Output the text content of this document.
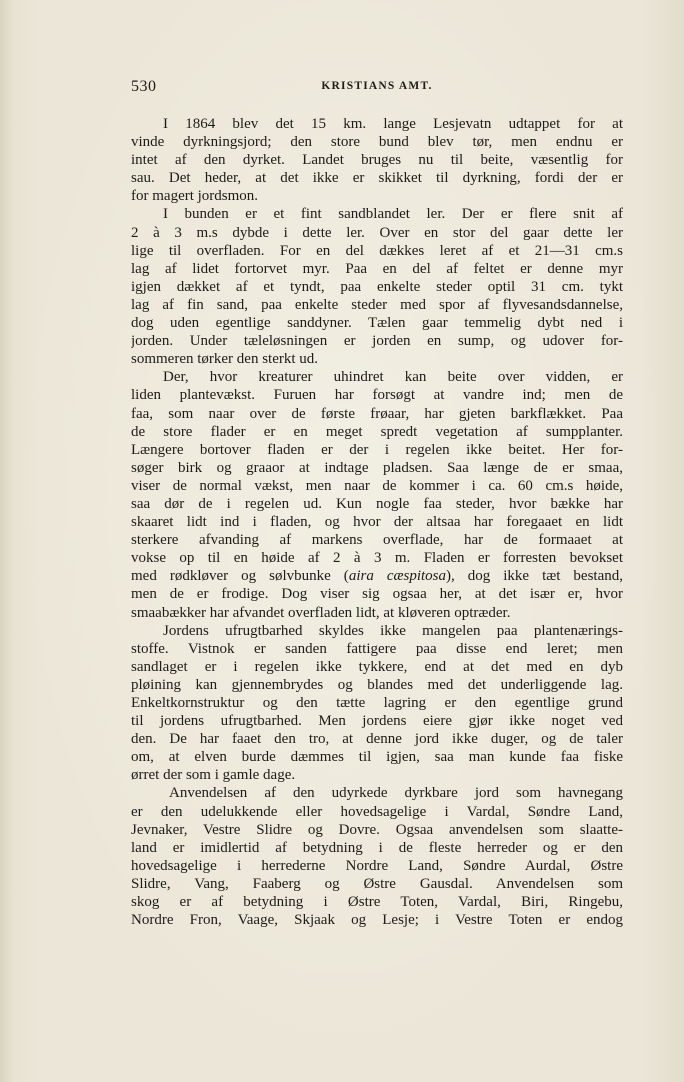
530	KRISTIANS AMT.
I 1864 blev det 15 km. lange Lesjevatn udtappet for at
vinde dyrkningsjord; den store bund blev tør, men endnu er
intet af den dyrket. Landet bruges nu til beite, væsentlig for
sau. Det heder, at det ikke er skikket til dyrkning, fordi der er
for magert jordsmon.
I bunden er et fint sandblandet ler. Der er flere snit af
2 à 3 m.s dybde i dette ler. Over en stor del gaar dette ler
lige til overfladen. For en del dækkes leret af et 21—31 cm.s
lag af lidet fortorvet myr. Paa en del af feltet er denne myr
igjen dækket af et tyndt, paa enkelte steder optil 31 cm. tykt
lag af fin sand, paa enkelte steder med spor af flyvesandsdannelse,
dog uden egentlige sanddyner. Tælen gaar temmelig dybt ned i
jorden. Under tæleløsningen er jorden en sump, og udover for-
sommeren tørker den sterkt ud.
Der, hvor kreaturer uhindret kan beite over vidden, er
liden plantevækst. Furuen har forsøgt at vandre ind; men de
faa, som naar over de første frøaar, har gjeten barkflækket. Paa
de store flader er en meget spredt vegetation af sumpplanter.
Længere bortover fladen er der i regelen ikke beitet. Her for-
søger birk og graaor at indtage pladsen. Saa længe de er smaa,
viser de normal vækst, men naar de kommer i ca. 60 cm.s høide,
saa dør de i regelen ud. Kun nogle faa steder, hvor bække har
skaaret lidt ind i fladen, og hvor der altsaa har foregaaet en lidt
sterkere afvanding af markens overflade, har de formaaet at
vokse op til en høide af 2 à 3 m. Fladen er forresten bevokset
med rødkløver og sølvbunke (aira cæspitosa), dog ikke tæt bestand,
men de er frodige. Dog viser sig ogsaa her, at det især er, hvor
smaabækker har afvandet overfladen lidt, at kløveren optræder.
Jordens ufrugtbarhed skyldes ikke mangelen paa plantenærings-
stoffe. Vistnok er sanden fattigere paa disse end leret; men
sandlaget er i regelen ikke tykkere, end at det med en dyb
pløining kan gjennembrydes og blandes med det underliggende lag.
Enkeltkornstruktur og den tætte lagring er den egentlige grund
til jordens ufrugtbarhed. Men jordens eiere gjør ikke noget ved
den. De har faaet den tro, at denne jord ikke duger, og de taler
om, at elven burde dæmmes til igjen, saa man kunde faa fiske
ørret der som i gamle dage.
Anvendelsen af den udyrkede dyrkbare jord som havnegang
er den udelukkende eller hovedsagelige i Vardal, Søndre Land,
Jevnaker, Vestre Slidre og Dovre. Ogsaa anvendelsen som slaatte-
land er imidlertid af betydning i de fleste herreder og er den
hovedsagelige i herrederne Nordre Land, Søndre Aurdal, Østre
Slidre, Vang, Faaberg og Østre Gausdal. Anvendelsen som
skog er af betydning i Østre Toten, Vardal, Biri, Ringebu,
Nordre Fron, Vaage, Skjaak og Lesje; i Vestre Toten er endog
